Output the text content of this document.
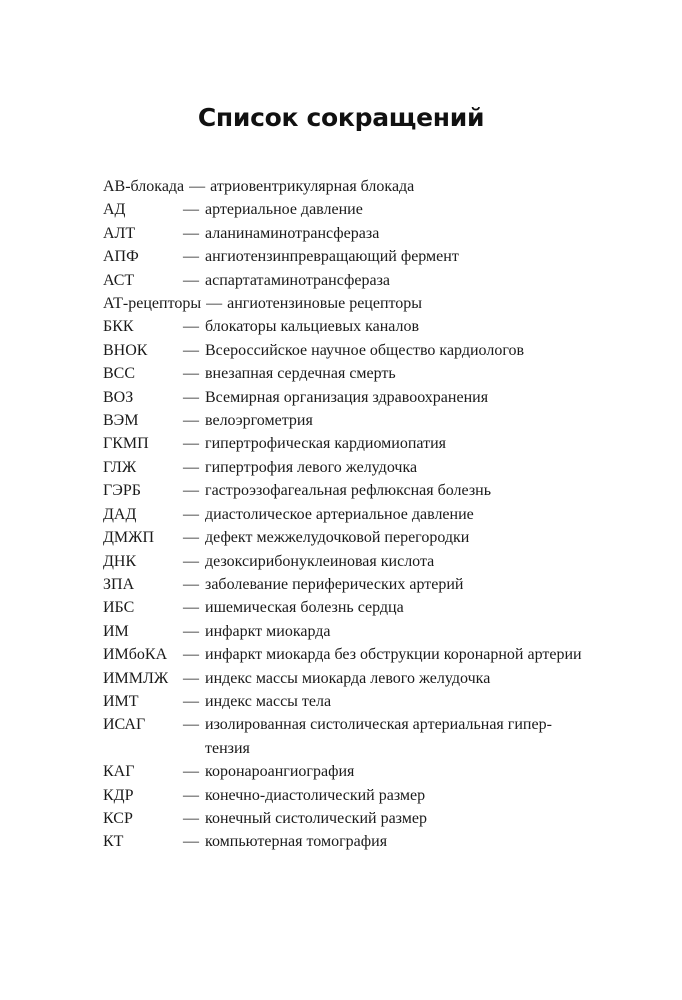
Список сокращений
АВ-блокада — атриовентрикулярная блокада
АД	— артериальное давление
АЛТ	— аланинаминотрансфераза
АПФ	— ангиотензинпревращающий фермент
АСТ	— аспартатаминотрансфераза
АТ-рецепторы — ангиотензиновые рецепторы
БКК	— блокаторы кальциевых каналов
ВНОК	— Всероссийское научное общество кардиологов
ВСС	— внезапная сердечная смерть
ВОЗ	— Всемирная организация здравоохранения
ВЭМ	— велоэргометрия
ГКМП	— гипертрофическая кардиомиопатия
ГЛЖ	— гипертрофия левого желудочка
ГЭРБ	— гастроэзофагеальная рефлюксная болезнь
ДАД	— диастолическое артериальное давление
ДМЖП	— дефект межжелудочковой перегородки
ДНК	— дезоксирибонуклеиновая кислота
ЗПА	— заболевание периферических артерий
ИБС	— ишемическая болезнь сердца
ИМ	— инфаркт миокарда
ИМбоКА — инфаркт миокарда без обструкции коронарной артерии
ИММЛЖ — индекс массы миокарда левого желудочка
ИМТ	— индекс массы тела
ИСАГ	— изолированная систолическая артериальная гипер-тензия
КАГ	— коронароангиография
КДР	— конечно-диастолический размер
КСР	— конечный систолический размер
КТ	— компьютерная томография
